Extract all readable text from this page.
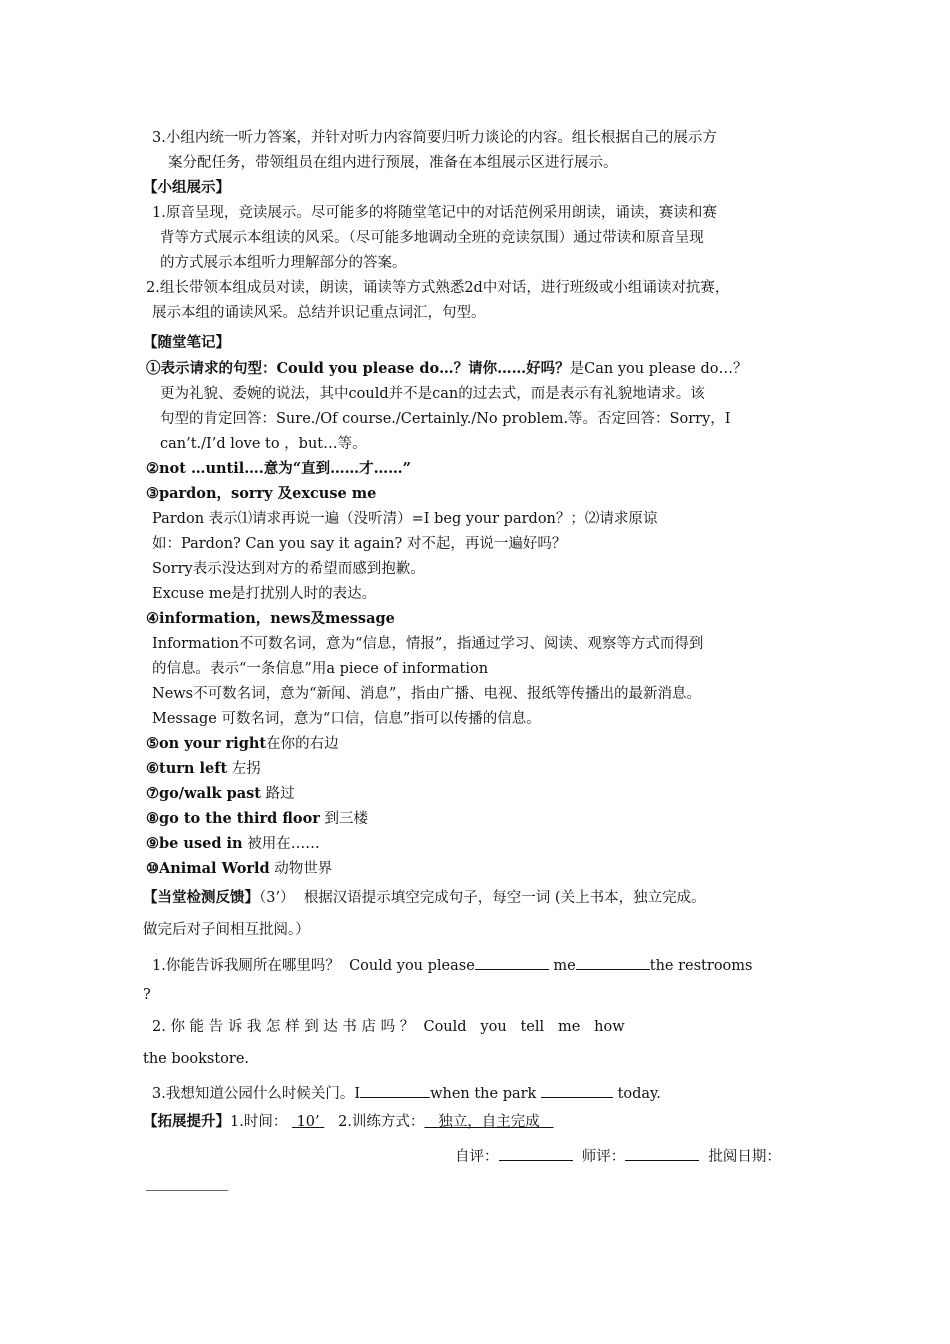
3.小组内统一听力答案，并针对听力内容简要归听力谈论的内容。组长根据自己的展示方
案分配任务，带领组员在组内进行预展，准备在本组展示区进行展示。
【小组展示】
1.原音呈现，竞读展示。尽可能多的将随堂笔记中的对话范例采用朗读，诵读，赛读和赛
背等方式展示本组读的风采。（尽可能多地调动全班的竞读氛围）通过带读和原音呈现
的方式展示本组听力理解部分的答案。
2.组长带领本组成员对读，朗读，诵读等方式熟悉2d中对话，进行班级或小组诵读对抗赛，
展示本组的诵读风采。总结并识记重点词汇，句型。
【随堂笔记】
①表示请求的句型：Could you please do…？请你……好吗？是Can you please do…？
更为礼貌、委婉的说法，其中could并不是can的过去式，而是表示有礼貌地请求。该
句型的肯定回答：Sure./Of course./Certainly./No problem.等。否定回答：Sorry，I
can’t./I’d love to ，but…等。
②not …until….意为“直到……才……”
③pardon，sorry 及excuse me
Pardon 表示⑴请求再说一遍（没听清）=I beg your pardon？；⑵请求原谅
如：Pardon? Can you say it again? 对不起，再说一遍好吗？
Sorry表示没达到对方的希望而感到抱歉。
Excuse me是打扰别人时的表达。
④information，news及message
Information不可数名词，意为“信息，情报”，指通过学习、阅读、观察等方式而得到
的信息。表示“一条信息”用a piece of information
News不可数名词，意为“新闻、消息”，指由广播、电视、报纸等传播出的最新消息。
Message 可数名词，意为“口信，信息”指可以传播的信息。
⑤on your right在你的右边
⑥turn left 左拐
⑦go/walk past 路过
⑧go to the third floor 到三楼
⑨be used in 被用在……
⑩Animal World 动物世界
【当堂检测反馈】（3’） 根据汉语提示填空完成句子，每空一词 (关上书本，独立完成。
做完后对子间相互批阅。）
1.你能告诉我厕所在哪里吗？ Could you please	me	the restrooms
?
2. 你 能 告 诉 我 怎 样 到 达 书 店 吗 ？ Could   you   tell   me   how
the bookstore.
3.我想知道公园什么时候关门。I	when the park	today.
【拓展提升】1.时间： 10’ 2.训练方式： 独立，自主完成
自评：	师评：	批阅日期：
